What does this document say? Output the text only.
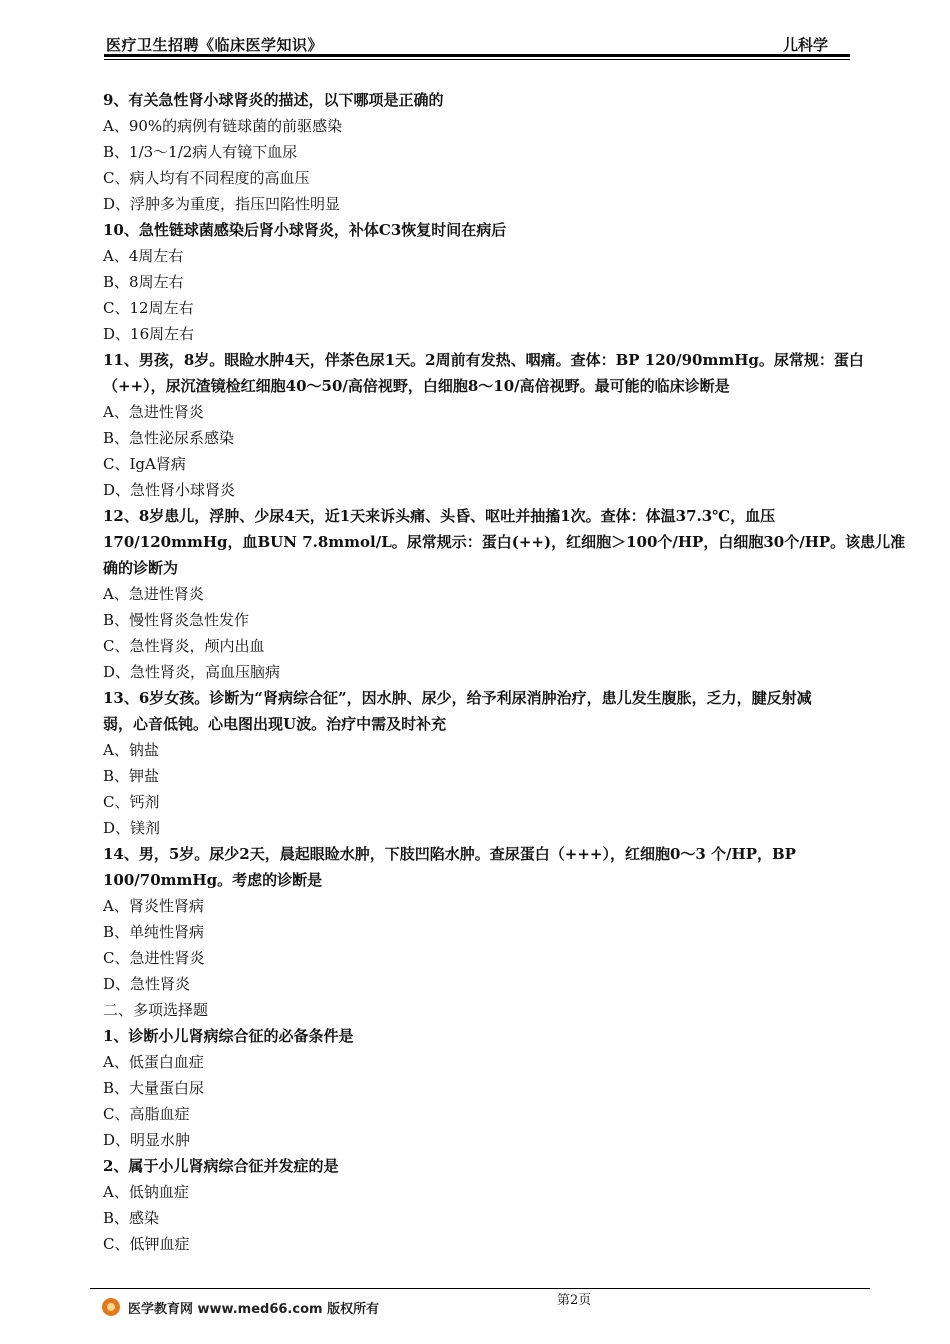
医疗卫生招聘《临床医学知识》	儿科学
9、有关急性肾小球肾炎的描述，以下哪项是正确的
A、90%的病例有链球菌的前驱感染
B、1/3～1/2病人有镜下血尿
C、病人均有不同程度的高血压
D、浮肿多为重度，指压凹陷性明显
10、急性链球菌感染后肾小球肾炎，补体C3恢复时间在病后
A、4周左右
B、8周左右
C、12周左右
D、16周左右
11、男孩，8岁。眼睑水肿4天，伴茶色尿1天。2周前有发热、咽痛。查体：BP 120/90mmHg。尿常规：蛋白
（++），尿沉渣镜检红细胞40～50/高倍视野，白细胞8～10/高倍视野。最可能的临床诊断是
A、急进性肾炎
B、急性泌尿系感染
C、IgA肾病
D、急性肾小球肾炎
12、8岁患儿，浮肿、少尿4天，近1天来诉头痛、头昏、呕吐并抽搐1次。查体：体温37.3℃，血压
170/120mmHg，血BUN 7.8mmol/L。尿常规示：蛋白(++)，红细胞＞100个/HP，白细胞30个/HP。该患儿准
确的诊断为
A、急进性肾炎
B、慢性肾炎急性发作
C、急性肾炎，颅内出血
D、急性肾炎，高血压脑病
13、6岁女孩。诊断为“肾病综合征”，因水肿、尿少，给予利尿消肿治疗，患儿发生腹胀，乏力，腱反射减
弱，心音低钝。心电图出现U波。治疗中需及时补充
A、钠盐
B、钾盐
C、钙剂
D、镁剂
14、男，5岁。尿少2天，晨起眼睑水肿，下肢凹陷水肿。查尿蛋白（+++），红细胞0～3 个/HP，BP
100/70mmHg。考虑的诊断是
A、肾炎性肾病
B、单纯性肾病
C、急进性肾炎
D、急性肾炎
二、多项选择题
1、诊断小儿肾病综合征的必备条件是
A、低蛋白血症
B、大量蛋白尿
C、高脂血症
D、明显水肿
2、属于小儿肾病综合征并发症的是
A、低钠血症
B、感染
C、低钾血症
第2页
医学教育网 www.med66.com 版权所有
